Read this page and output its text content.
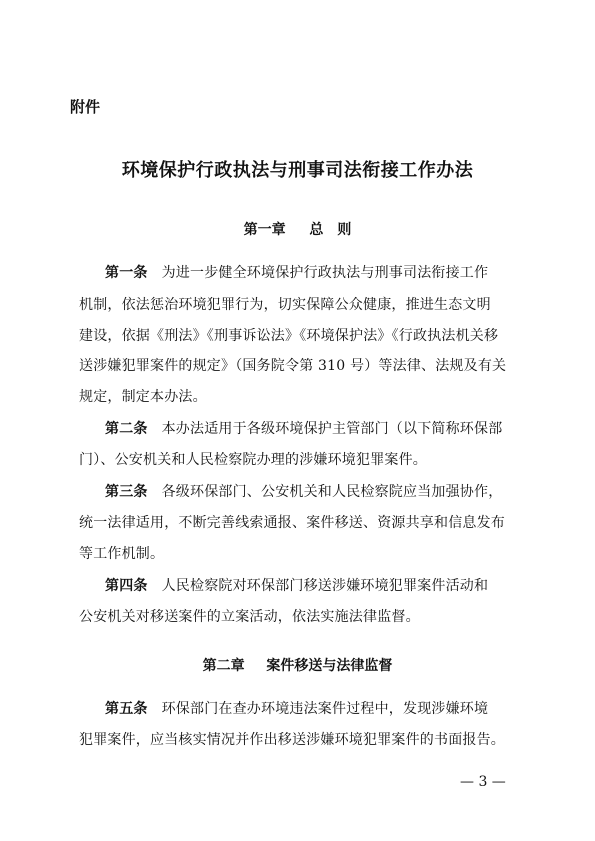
附件
环境保护行政执法与刑事司法衔接工作办法
第一章 总　则
第一条 为进一步健全环境保护行政执法与刑事司法衔接工作
机制，依法惩治环境犯罪行为，切实保障公众健康，推进生态文明
建设，依据《刑法》《刑事诉讼法》《环境保护法》《行政执法机关移
送涉嫌犯罪案件的规定》（国务院令第 310 号）等法律、法规及有关
规定，制定本办法。
第二条 本办法适用于各级环境保护主管部门（以下简称环保部
门）、公安机关和人民检察院办理的涉嫌环境犯罪案件。
第三条 各级环保部门、公安机关和人民检察院应当加强协作，
统一法律适用，不断完善线索通报、案件移送、资源共享和信息发布
等工作机制。
第四条 人民检察院对环保部门移送涉嫌环境犯罪案件活动和
公安机关对移送案件的立案活动，依法实施法律监督。
第二章 案件移送与法律监督
第五条 环保部门在查办环境违法案件过程中，发现涉嫌环境
犯罪案件，应当核实情况并作出移送涉嫌环境犯罪案件的书面报告。
— 3 —
